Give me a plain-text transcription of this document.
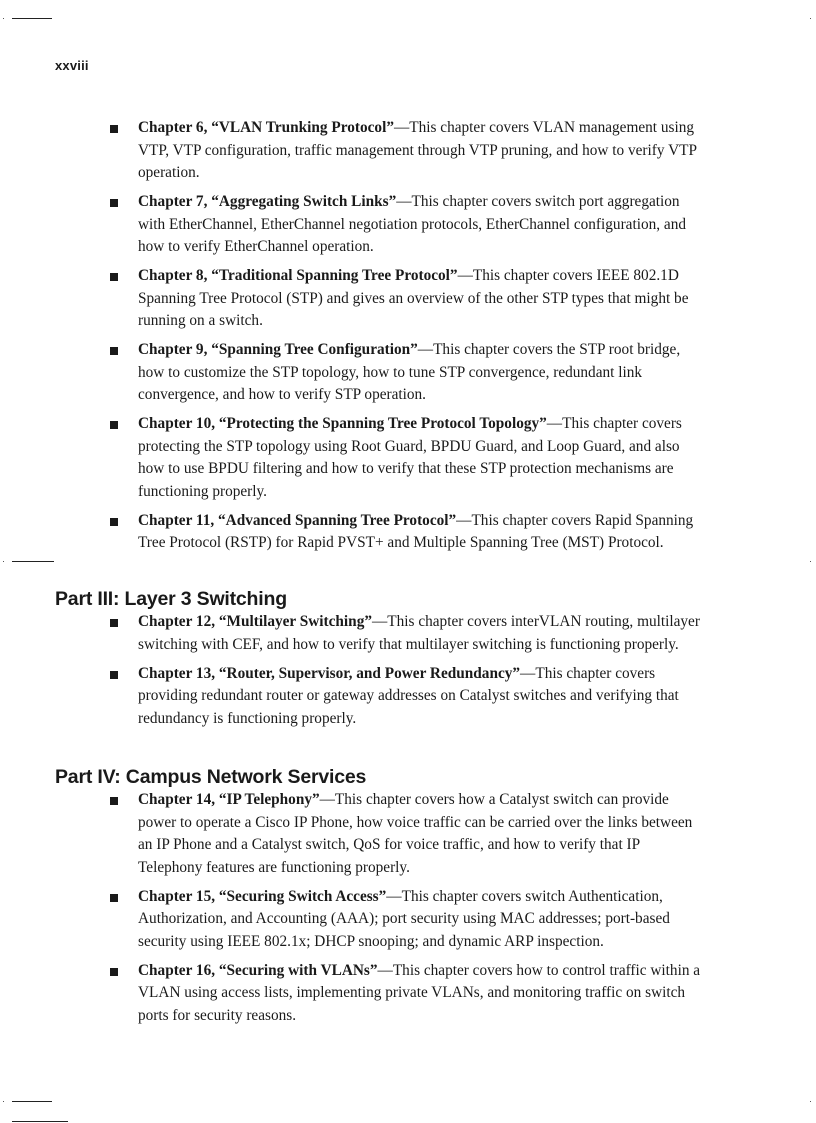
xxviii
Chapter 6, “VLAN Trunking Protocol”—This chapter covers VLAN management using VTP, VTP configuration, traffic management through VTP pruning, and how to verify VTP operation.
Chapter 7, “Aggregating Switch Links”—This chapter covers switch port aggregation with EtherChannel, EtherChannel negotiation protocols, EtherChannel configuration, and how to verify EtherChannel operation.
Chapter 8, “Traditional Spanning Tree Protocol”—This chapter covers IEEE 802.1D Spanning Tree Protocol (STP) and gives an overview of the other STP types that might be running on a switch.
Chapter 9, “Spanning Tree Configuration”—This chapter covers the STP root bridge, how to customize the STP topology, how to tune STP convergence, redundant link convergence, and how to verify STP operation.
Chapter 10, “Protecting the Spanning Tree Protocol Topology”—This chapter covers protecting the STP topology using Root Guard, BPDU Guard, and Loop Guard, and also how to use BPDU filtering and how to verify that these STP protection mechanisms are functioning properly.
Chapter 11, “Advanced Spanning Tree Protocol”—This chapter covers Rapid Spanning Tree Protocol (RSTP) for Rapid PVST+ and Multiple Spanning Tree (MST) Protocol.
Part III: Layer 3 Switching
Chapter 12, “Multilayer Switching”—This chapter covers interVLAN routing, multilayer switching with CEF, and how to verify that multilayer switching is functioning properly.
Chapter 13, “Router, Supervisor, and Power Redundancy”—This chapter covers providing redundant router or gateway addresses on Catalyst switches and verifying that redundancy is functioning properly.
Part IV: Campus Network Services
Chapter 14, “IP Telephony”—This chapter covers how a Catalyst switch can provide power to operate a Cisco IP Phone, how voice traffic can be carried over the links between an IP Phone and a Catalyst switch, QoS for voice traffic, and how to verify that IP Telephony features are functioning properly.
Chapter 15, “Securing Switch Access”—This chapter covers switch Authentication, Authorization, and Accounting (AAA); port security using MAC addresses; port-based security using IEEE 802.1x; DHCP snooping; and dynamic ARP inspection.
Chapter 16, “Securing with VLANs”—This chapter covers how to control traffic within a VLAN using access lists, implementing private VLANs, and monitoring traffic on switch ports for security reasons.
